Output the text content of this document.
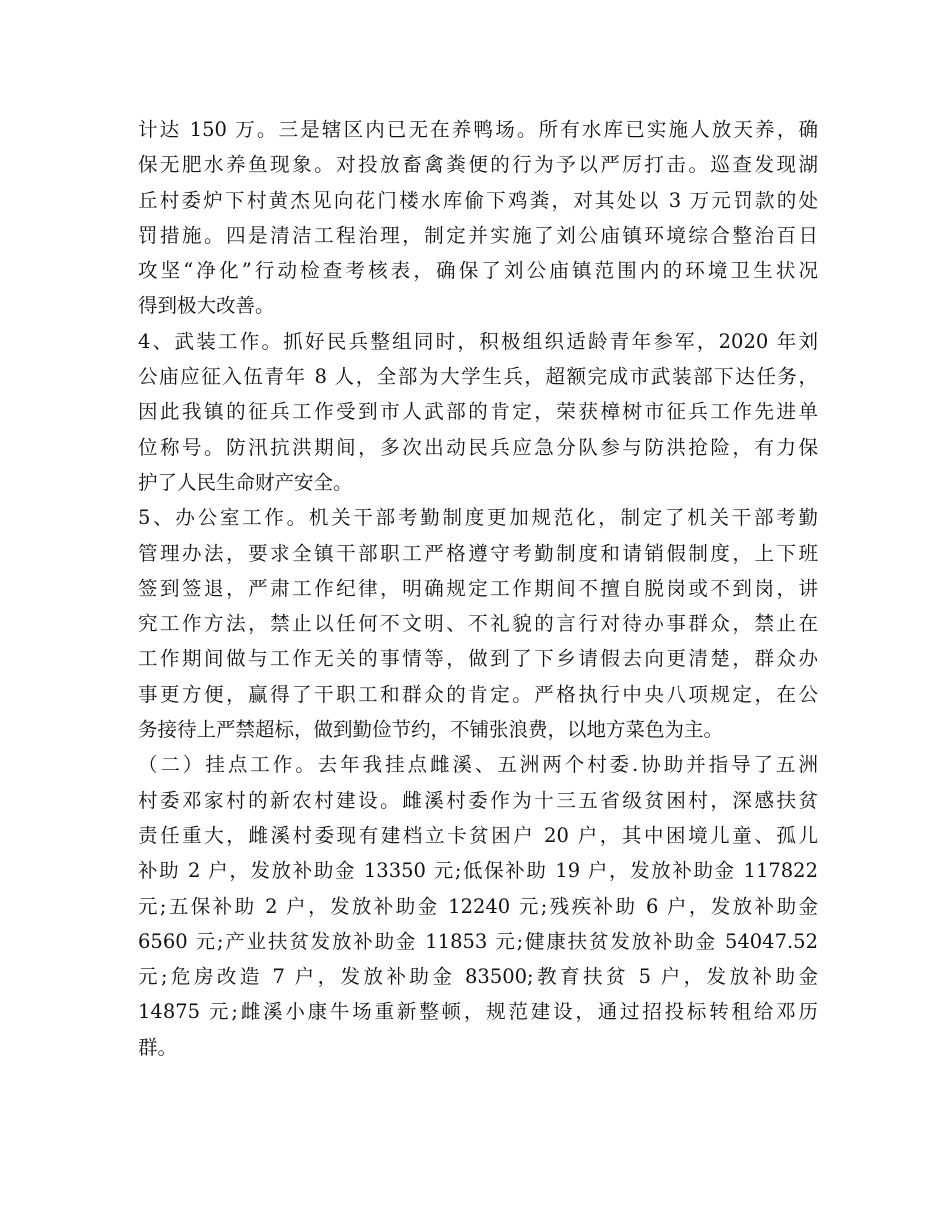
计达 150 万。三是辖区内已无在养鸭场。所有水库已实施人放天养，确
保无肥水养鱼现象。对投放畜禽粪便的行为予以严厉打击。巡查发现湖
丘村委炉下村黄杰见向花门楼水库偷下鸡粪，对其处以 3 万元罚款的处
罚措施。四是清洁工程治理，制定并实施了刘公庙镇环境综合整治百日
攻坚“净化”行动检查考核表，确保了刘公庙镇范围内的环境卫生状况
得到极大改善。
4、武装工作。抓好民兵整组同时，积极组织适龄青年参军，2020 年刘
公庙应征入伍青年 8 人，全部为大学生兵，超额完成市武装部下达任务，
因此我镇的征兵工作受到市人武部的肯定，荣获樟树市征兵工作先进单
位称号。防汛抗洪期间，多次出动民兵应急分队参与防洪抢险，有力保
护了人民生命财产安全。
5、办公室工作。机关干部考勤制度更加规范化，制定了机关干部考勤
管理办法，要求全镇干部职工严格遵守考勤制度和请销假制度，上下班
签到签退，严肃工作纪律，明确规定工作期间不擅自脱岗或不到岗，讲
究工作方法，禁止以任何不文明、不礼貌的言行对待办事群众，禁止在
工作期间做与工作无关的事情等，做到了下乡请假去向更清楚，群众办
事更方便，赢得了干职工和群众的肯定。严格执行中央八项规定，在公
务接待上严禁超标，做到勤俭节约，不铺张浪费，以地方菜色为主。
（二）挂点工作。去年我挂点雌溪、五洲两个村委.协助并指导了五洲
村委邓家村的新农村建设。雌溪村委作为十三五省级贫困村，深感扶贫
责任重大，雌溪村委现有建档立卡贫困户 20 户，其中困境儿童、孤儿
补助 2 户，发放补助金 13350 元;低保补助 19 户，发放补助金 117822
元;五保补助 2 户，发放补助金 12240 元;残疾补助 6 户，发放补助金
6560 元;产业扶贫发放补助金 11853 元;健康扶贫发放补助金 54047.52
元;危房改造 7 户，发放补助金 83500;教育扶贫 5 户，发放补助金
14875 元;雌溪小康牛场重新整顿，规范建设，通过招投标转租给邓历
群。
